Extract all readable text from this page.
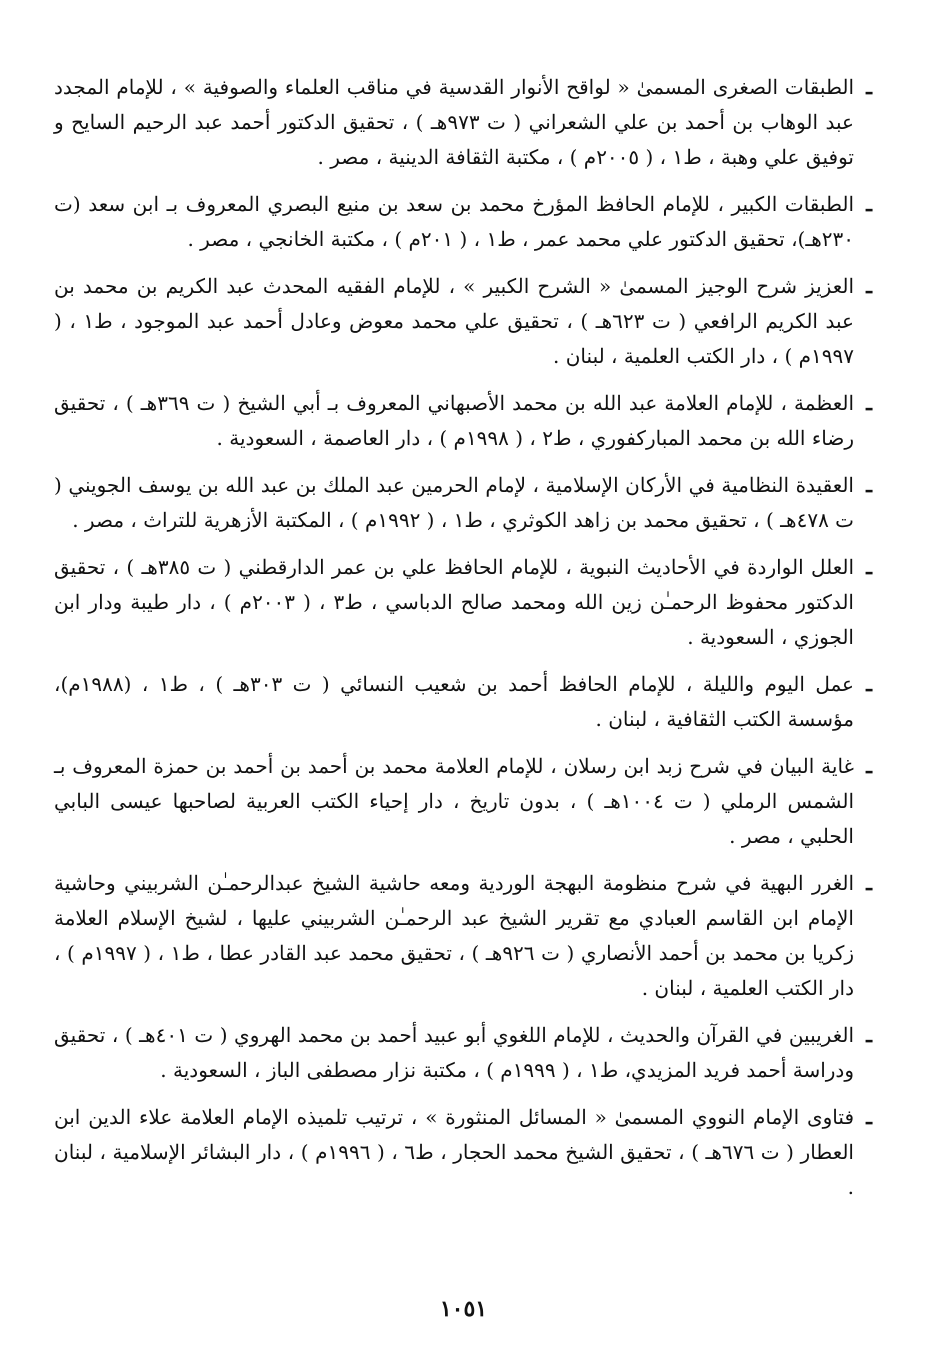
ـ الطبقات الصغرى المسمىٰ « لواقح الأنوار القدسية في مناقب العلماء والصوفية » ، للإمام المجدد عبد الوهاب بن أحمد بن علي الشعراني ( ت ٩٧٣هـ ) ، تحقيق الدكتور أحمد عبد الرحيم السايح و توفيق علي وهبة ، ط١ ، ( ٢٠٠٥م ) ، مكتبة الثقافة الدينية ، مصر .

ـ الطبقات الكبير ، للإمام الحافظ المؤرخ محمد بن سعد بن منيع البصري المعروف بـ ابن سعد (ت ٢٣٠هـ)، تحقيق الدكتور علي محمد عمر ، ط١ ، ( ٢٠١م ) ، مكتبة الخانجي ، مصر .

ـ العزيز شرح الوجيز المسمىٰ « الشرح الكبير » ، للإمام الفقيه المحدث عبد الكريم بن محمد بن عبد الكريم الرافعي ( ت ٦٢٣هـ ) ، تحقيق علي محمد معوض وعادل أحمد عبد الموجود ، ط١ ، ( ١٩٩٧م ) ، دار الكتب العلمية ، لبنان .

ـ العظمة ، للإمام العلامة عبد الله بن محمد الأصبهاني المعروف بـ أبي الشيخ ( ت ٣٦٩هـ ) ، تحقيق رضاء الله بن محمد المباركفوري ، ط٢ ، ( ١٩٩٨م ) ، دار العاصمة ، السعودية .

ـ العقيدة النظامية في الأركان الإسلامية ، لإمام الحرمين عبد الملك بن عبد الله بن يوسف الجويني ( ت ٤٧٨هـ ) ، تحقيق محمد بن زاهد الكوثري ، ط١ ، ( ١٩٩٢م ) ، المكتبة الأزهرية للتراث ، مصر .

ـ العلل الواردة في الأحاديث النبوية ، للإمام الحافظ علي بن عمر الدارقطني ( ت ٣٨٥هـ ) ، تحقيق الدكتور محفوظ الرحمـٰن زين الله ومحمد صالح الدباسي ، ط٣ ، ( ٢٠٠٣م ) ، دار طيبة ودار ابن الجوزي ، السعودية .

ـ عمل اليوم والليلة ، للإمام الحافظ أحمد بن شعيب النسائي ( ت ٣٠٣هـ ) ، ط١ ، (١٩٨٨م)، مؤسسة الكتب الثقافية ، لبنان .

ـ غاية البيان في شرح زبد ابن رسلان ، للإمام العلامة محمد بن أحمد بن أحمد بن حمزة المعروف بـ الشمس الرملي ( ت ١٠٠٤هـ ) ، بدون تاريخ ، دار إحياء الكتب العربية لصاحبها عيسى البابي الحلبي ، مصر .

ـ الغرر البهية في شرح منظومة البهجة الوردية ومعه حاشية الشيخ عبدالرحمـٰن الشربيني وحاشية الإمام ابن القاسم العبادي مع تقرير الشيخ عبد الرحمـٰن الشربيني عليها ، لشيخ الإسلام العلامة زكريا بن محمد بن أحمد الأنصاري ( ت ٩٢٦هـ ) ، تحقيق محمد عبد القادر عطا ، ط١ ، ( ١٩٩٧م ) ، دار الكتب العلمية ، لبنان .

ـ الغريبين في القرآن والحديث ، للإمام اللغوي أبو عبيد أحمد بن محمد الهروي ( ت ٤٠١هـ ) ، تحقيق ودراسة أحمد فريد المزيدي، ط١ ، ( ١٩٩٩م ) ، مكتبة نزار مصطفى الباز ، السعودية .

ـ فتاوى الإمام النووي المسمىٰ « المسائل المنثورة » ، ترتيب تلميذه الإمام العلامة علاء الدين ابن العطار ( ت ٦٧٦هـ ) ، تحقيق الشيخ محمد الحجار ، ط٦ ، ( ١٩٩٦م ) ، دار البشائر الإسلامية ، لبنان .

١٠٥١
